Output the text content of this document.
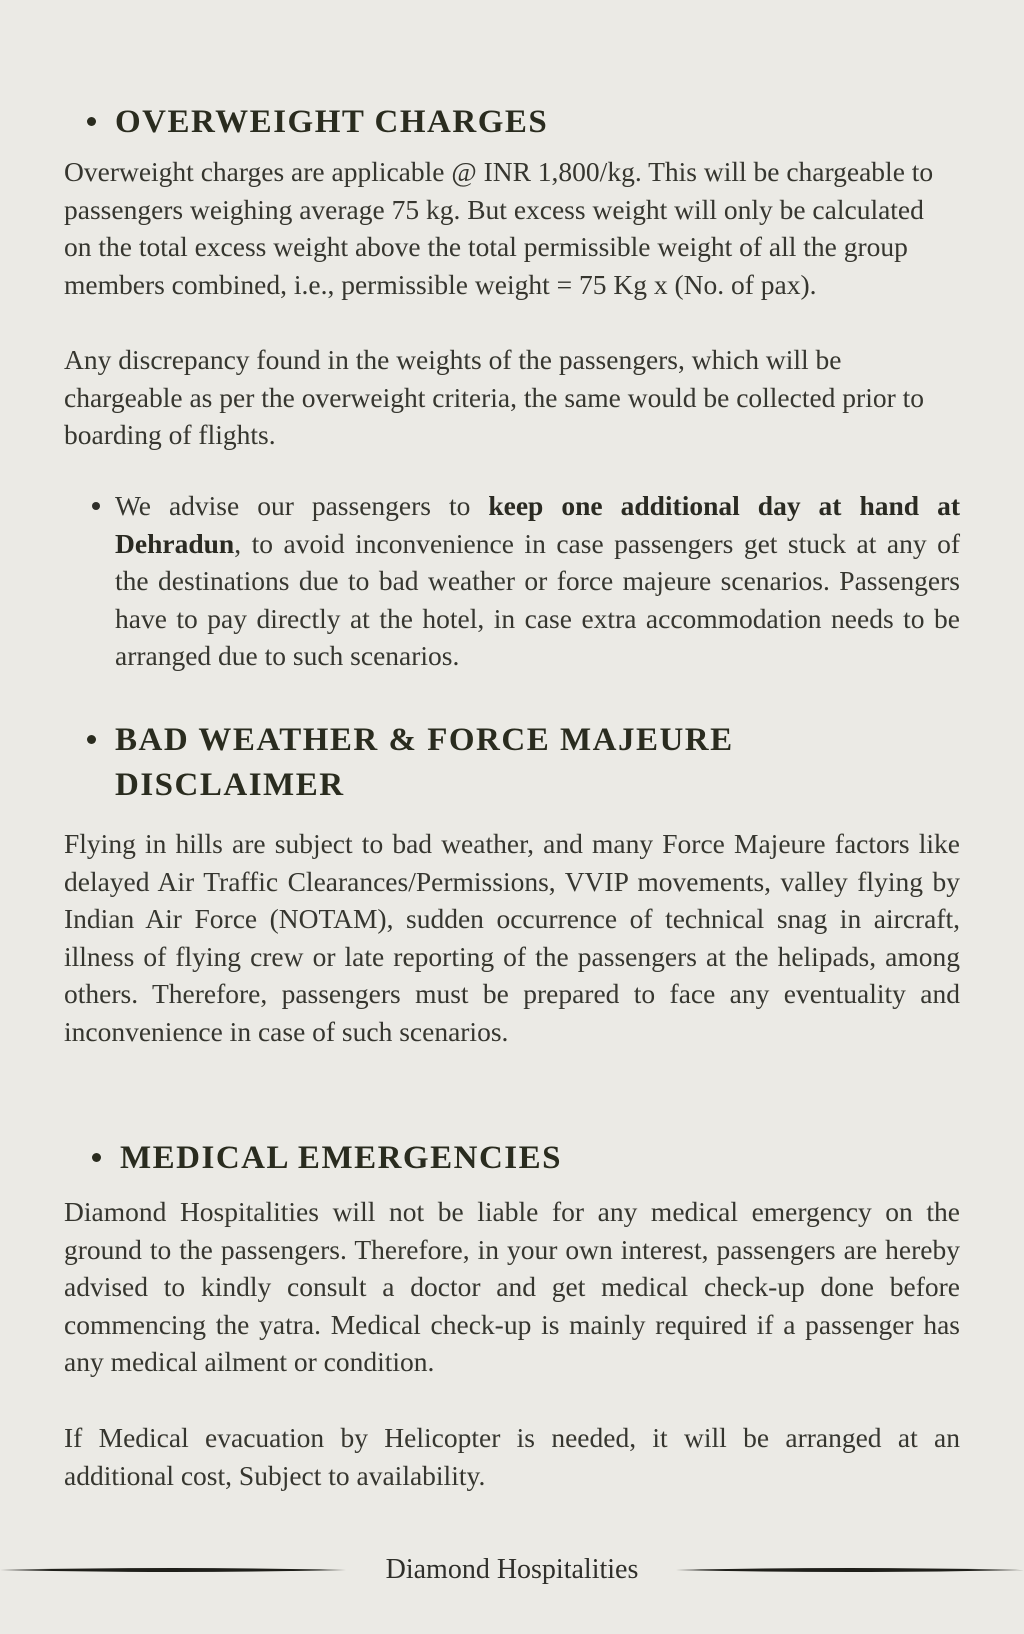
OVERWEIGHT CHARGES

Overweight charges are applicable @ INR 1,800/kg. This will be chargeable to passengers weighing average 75 kg. But excess weight will only be calculated on the total excess weight above the total permissible weight of all the group members combined, i.e., permissible weight = 75 Kg x (No. of pax).

Any discrepancy found in the weights of the passengers, which will be chargeable as per the overweight criteria, the same would be collected prior to boarding of flights.

We advise our passengers to keep one additional day at hand at Dehradun, to avoid inconvenience in case passengers get stuck at any of the destinations due to bad weather or force majeure scenarios. Passengers have to pay directly at the hotel, in case extra accommodation needs to be arranged due to such scenarios.

BAD WEATHER & FORCE MAJEURE
DISCLAIMER

Flying in hills are subject to bad weather, and many Force Majeure factors like delayed Air Traffic Clearances/Permissions, VVIP movements, valley flying by Indian Air Force (NOTAM), sudden occurrence of technical snag in aircraft, illness of flying crew or late reporting of the passengers at the helipads, among others. Therefore, passengers must be prepared to face any eventuality and inconvenience in case of such scenarios.

MEDICAL EMERGENCIES

Diamond Hospitalities will not be liable for any medical emergency on the ground to the passengers. Therefore, in your own interest, passengers are hereby advised to kindly consult a doctor and get medical check-up done before commencing the yatra. Medical check-up is mainly required if a passenger has any medical ailment or condition.

If Medical evacuation by Helicopter is needed, it will be arranged at an additional cost, Subject to availability.

Diamond Hospitalities
